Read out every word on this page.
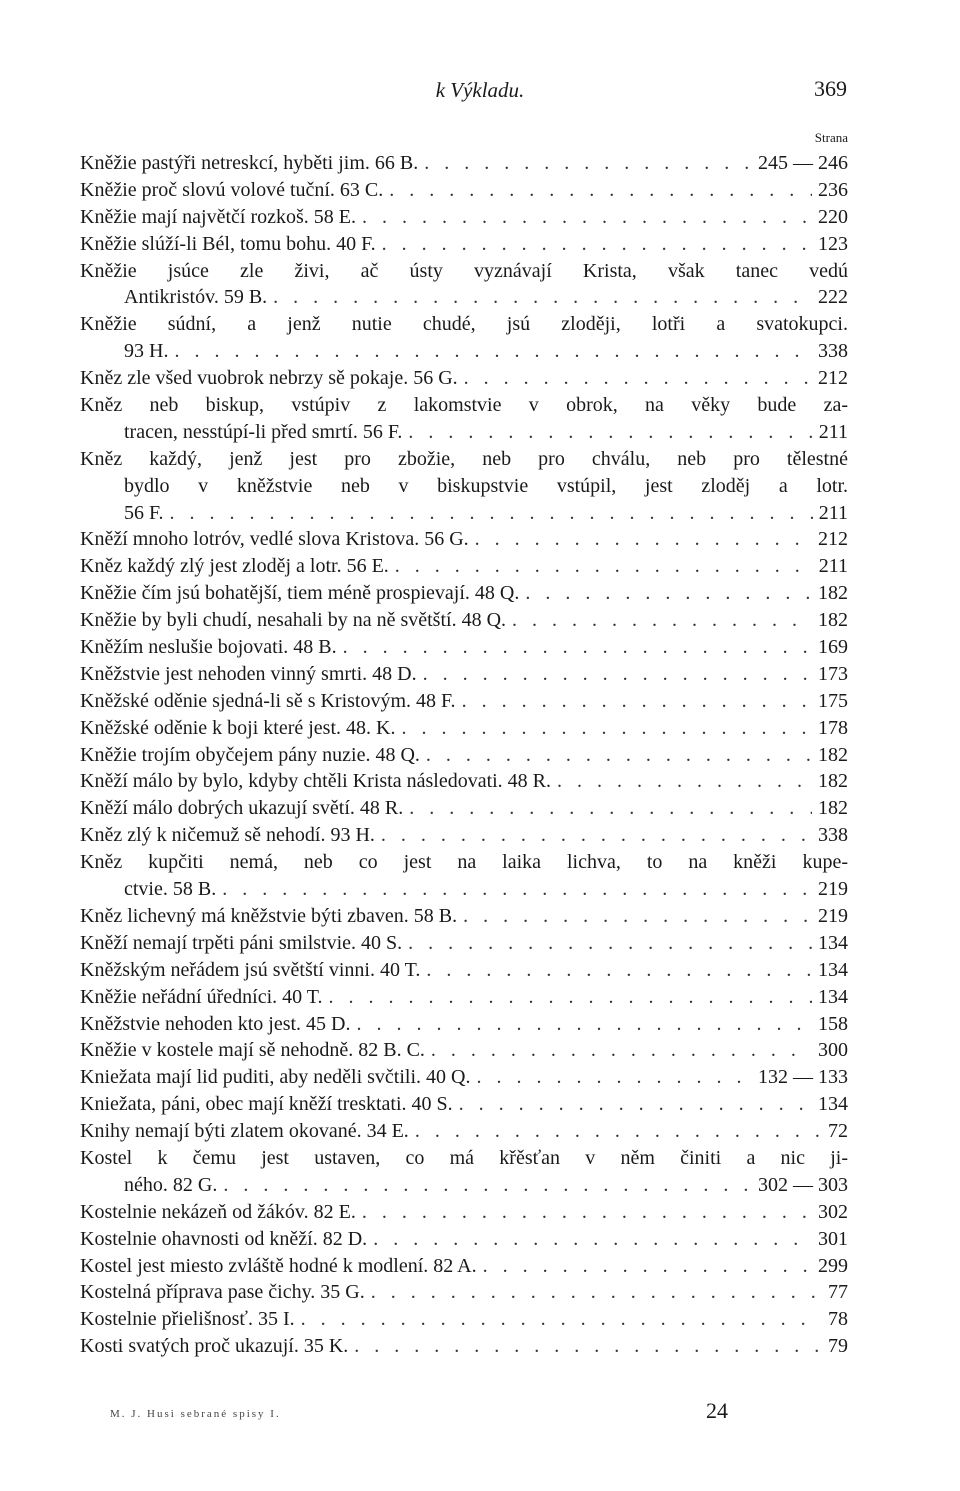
k Výkladu.	369
Strana
Kněžie pastýři netreskcí, hyběti jim. 66 B. . . .	245 — 246
Kněžie proč slovú volové tuční. 63 C. . . .	236
Kněžie mají najvětčí rozkoš. 58 E. . . .	220
Kněžie slúží-li Bél, tomu bohu. 40 F. . . .	123
Kněžie jsúce zle živi, ač ústy vyznávají Krista, však tanec vedú
Antikristóv. 59 B. . . .	222
Kněžie súdní, a jenž nutie chudé, jsú zloději, lotři a svatokupci.
93 H. . . .	338
Kněz zle všed vuobrok nebrzy sě pokaje. 56 G. . . .	212
Kněz neb biskup, vstúpiv z lakomstvie v obrok, na věky bude za-
tracen, nesstúpí-li před smrtí. 56 F. . . .	211
Kněz každý, jenž jest pro zbožie, neb pro chválu, neb pro tělestné
bydlo v kněžstvie neb v biskupstvie vstúpil, jest zloděj a lotr.
56 F. . . .	211
Kněží mnoho lotróv, vedlé slova Kristova. 56 G. . . .	212
Kněz každý zlý jest zloděj a lotr. 56 E. . . .	211
Kněžie čím jsú bohatější, tiem méně prospievají. 48 Q. . . .	182
Kněžie by byli chudí, nesahali by na ně světští. 48 Q. . . .	182
Kněžím neslušie bojovati. 48 B. . . .	169
Kněžstvie jest nehoden vinný smrti. 48 D. . . .	173
Kněžské oděnie sjedná-li sě s Kristovým. 48 F. . . .	175
Kněžské oděnie k boji které jest. 48. K. . . .	178
Kněžie trojím obyčejem pány nuzie. 48 Q. . . .	182
Kněží málo by bylo, kdyby chtěli Krista následovati. 48 R. . . .	182
Kněží málo dobrých ukazují světí. 48 R. . . .	182
Kněz zlý k ničemuž sě nehodí. 93 H. . . .	338
Kněz kupčiti nemá, neb co jest na laika lichva, to na kněži kupe-
ctvie. 58 B. . . .	219
Kněz lichevný má kněžstvie býti zbaven. 58 B. . . .	219
Kněží nemají trpěti páni smilstvie. 40 S. . . .	134
Kněžským neřádem jsú světští vinni. 40 T. . . .	134
Kněžie neřádní úředníci. 40 T. . . .	134
Kněžstvie nehoden kto jest. 45 D. . . .	158
Kněžie v kostele mají sě nehodně. 82 B. C. . . .	300
Kniežata mají lid puditi, aby neděli svčtili. 40 Q. . . .	132 — 133
Kniežata, páni, obec mají kněží tresktati. 40 S. . . .	134
Knihy nemají býti zlatem okované. 34 E. . . .	72
Kostel k čemu jest ustaven, co má křěsťan v něm činiti a nic ji-
ného. 82 G. . . .	302 — 303
Kostelnie nekázeň od žákóv. 82 E. . . .	302
Kostelnie ohavnosti od kněží. 82 D. . . .	301
Kostel jest miesto zvláště hodné k modlení. 82 A. . . .	299
Kostelná příprava pase čichy. 35 G. . . .	77
Kostelnie přielišnosť. 35 I. . . .	78
Kosti svatých proč ukazují. 35 K. . . .	79
M. J. Husi sebrané spisy I.	24
